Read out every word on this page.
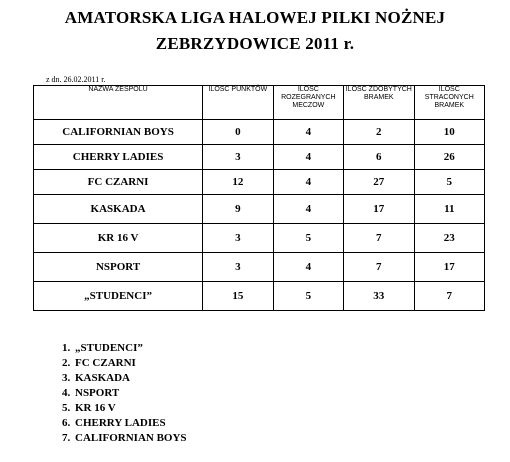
AMATORSKA LIGA HALOWEJ PILKI NOŻNEJ
ZEBRZYDOWICE 2011 r.
z dn. 26.02.2011 r.
NAZWA ZESPOLU	ILOSC PUNKTÓW	ILOSC ROZEGRANYCH MECZOW	ILOSC ZDOBYTYCH BRAMEK	ILOSC STRACONYCH BRAMEK
CALIFORNIAN BOYS	0	4	2	10
CHERRY LADIES	3	4	6	26
FC CZARNI	12	4	27	5
KASKADA	9	4	17	11
KR 16 V	3	5	7	23
NSPORT	3	4	7	17
„STUDENCI”	15	5	33	7
1. „STUDENCI”
2. FC CZARNI
3. KASKADA
4. NSPORT
5. KR 16 V
6. CHERRY LADIES
7. CALIFORNIAN BOYS
